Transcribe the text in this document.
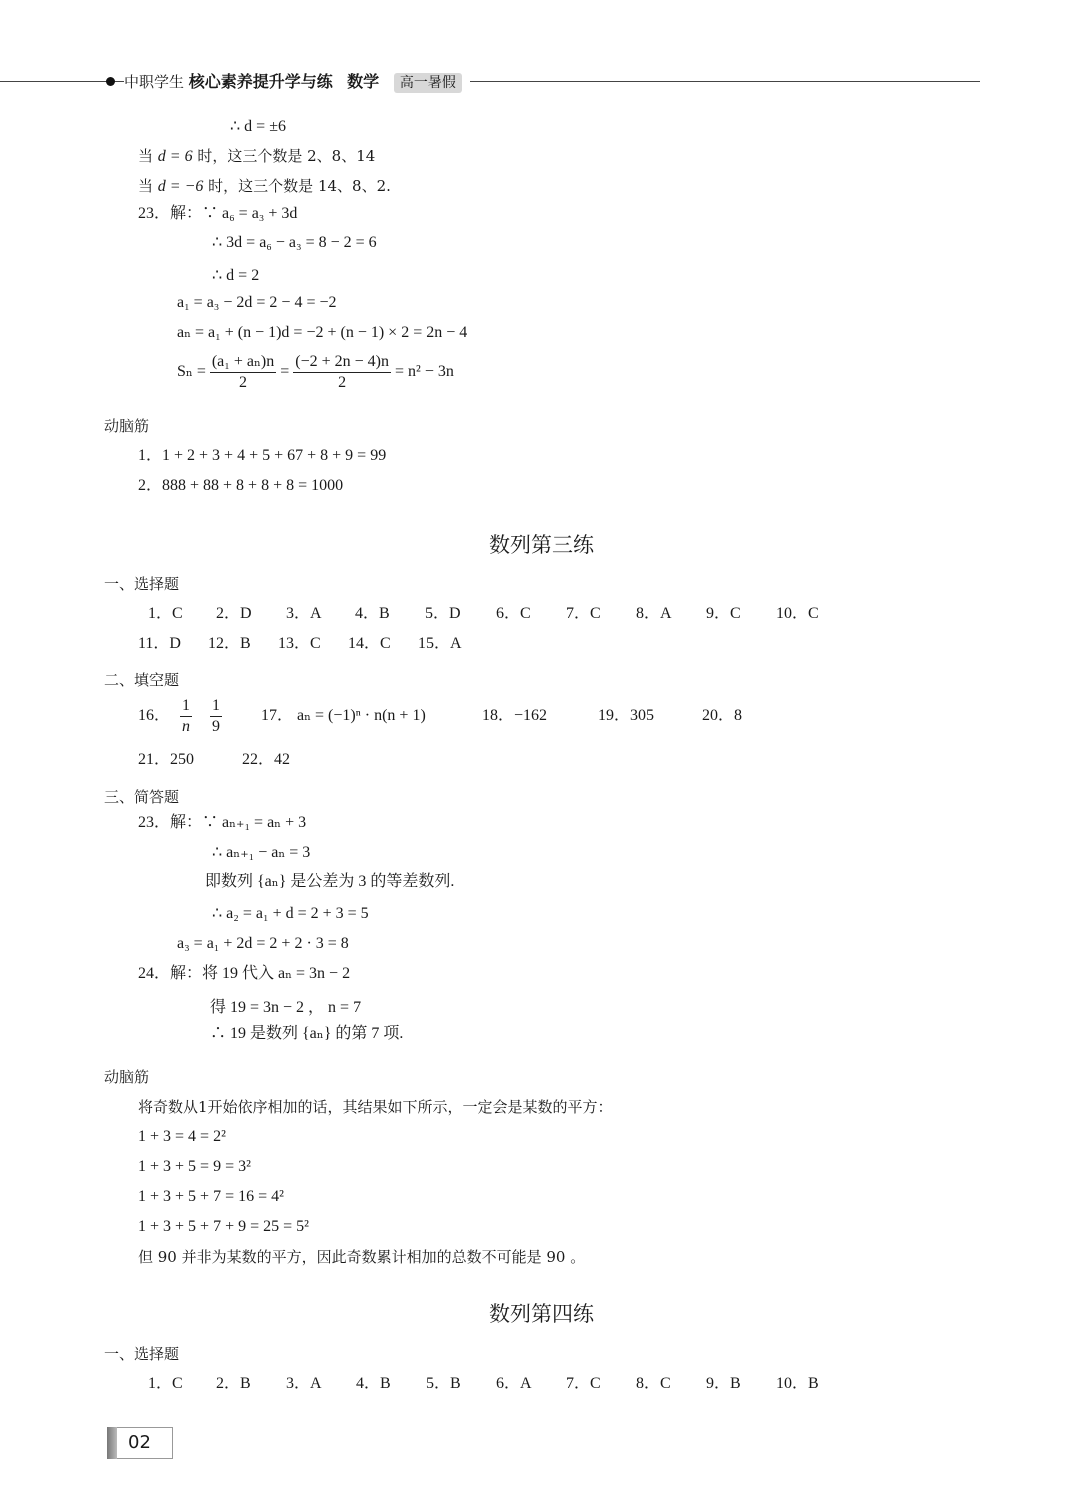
中职学生 核心素养提升学与练 数学 高一暑假
∴ d = ±6
当 d = 6 时，这三个数是 2、8、14
当 d = −6 时，这三个数是 14、8、2.
23．解：∵ a₆ = a₃ + 3d
∴ 3d = a₆ − a₃ = 8 − 2 = 6
∴ d = 2
a₁ = a₃ − 2d = 2 − 4 = −2
aₙ = a₁ + (n − 1)d = −2 + (n − 1) × 2 = 2n − 4
$S_n = \frac{\text{(a₁ + aₙ)n}}{2} = \frac{(-2 + 2n - 4)n}{2} = n^2 - 3n$
动脑筋
1．1 + 2 + 3 + 4 + 5 + 67 + 8 + 9 = 99
2．888 + 88 + 8 + 8 + 8 = 1000
数列第三练
一、选择题
1．C 2．D 3．A 4．B 5．D 6．C 7．C 8．A 9．C 10．C
11．D 12．B 13．C 14．C 15．A
二、填空题
16． $\frac{1}{n}$
$\frac{1}{9} 17$． aₙ = (−1)ⁿ · n(n + 1)	18．−162	19．305	20．8
21．250	22．42
三、简答题
23．解：∵ aₙ₊₁ = aₙ + 3
∴ aₙ₊₁ − aₙ = 3
即数列 {aₙ} 是公差为 3 的等差数列.
∴ a₂ = a₁ + d = 2 + 3 = 5
a₃ = a₁ + 2d = 2 + 2 · 3 = 8
24．解：将 19 代入 aₙ = 3n − 2
得 19 = 3n − 2 ， n = 7
∴ 19 是数列 {aₙ} 的第 7 项.
动脑筋
将奇数从1开始依序相加的话，其结果如下所示，一定会是某数的平方：
1 + 3 = 4 = 2²
1 + 3 + 5 = 9 = 3²
1 + 3 + 5 + 7 = 16 = 4²
1 + 3 + 5 + 7 + 9 = 25 = 5²
但 90 并非为某数的平方，因此奇数累计相加的总数不可能是 90 。
数列第四练
一、选择题
1．C 2．B 3．A 4．B 5．B 6．A 7．C 8．C 9．B 10．B
02
